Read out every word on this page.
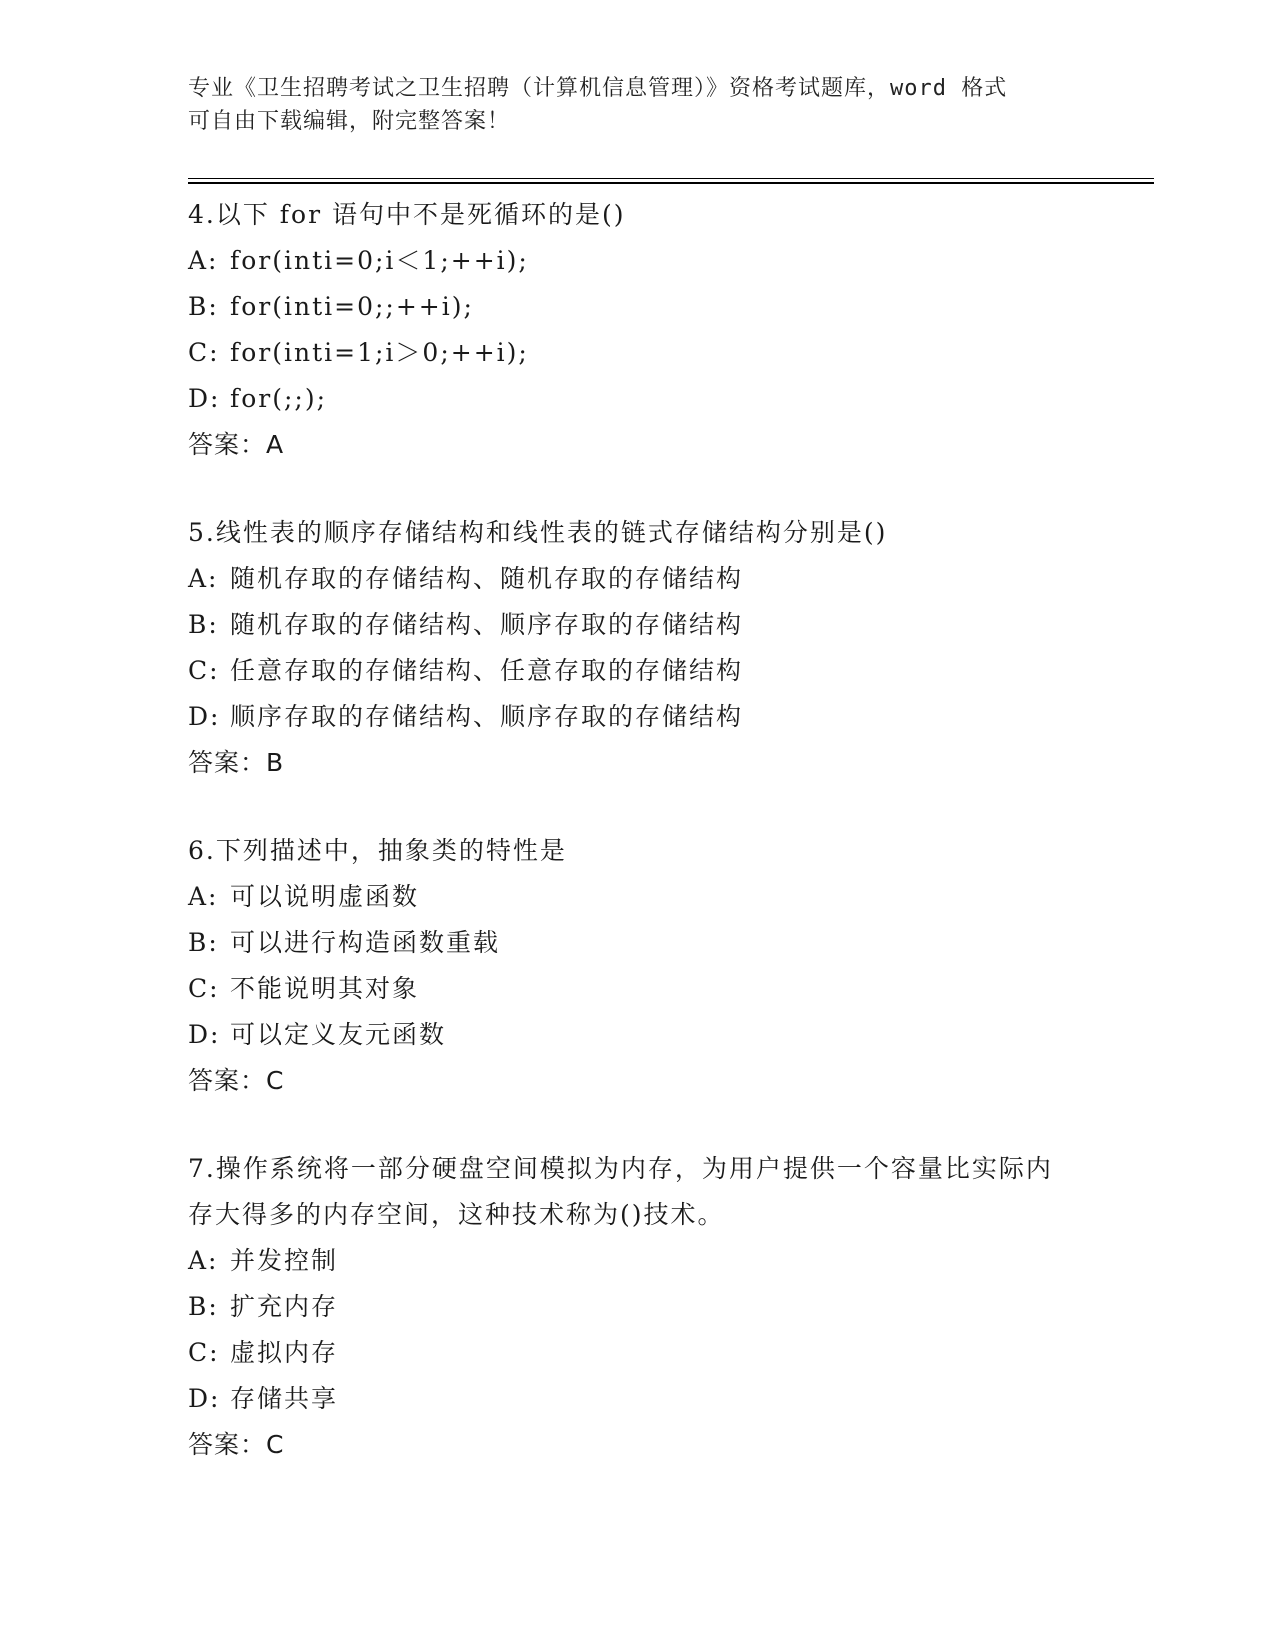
专业《卫生招聘考试之卫生招聘（计算机信息管理）》资格考试题库，word 格式
可自由下载编辑，附完整答案！
4.以下 for 语句中不是死循环的是()
A: for(inti=0;i＜1;++i);
B: for(inti=0;;++i);
C: for(inti=1;i＞0;++i);
D: for(;;);
答案：A
5.线性表的顺序存储结构和线性表的链式存储结构分别是()
A: 随机存取的存储结构、随机存取的存储结构
B: 随机存取的存储结构、顺序存取的存储结构
C: 任意存取的存储结构、任意存取的存储结构
D: 顺序存取的存储结构、顺序存取的存储结构
答案：B
6.下列描述中，抽象类的特性是
A: 可以说明虚函数
B: 可以进行构造函数重载
C: 不能说明其对象
D: 可以定义友元函数
答案：C
7.操作系统将一部分硬盘空间模拟为内存，为用户提供一个容量比实际内存大得多的内存空间，这种技术称为()技术。
A: 并发控制
B: 扩充内存
C: 虚拟内存
D: 存储共享
答案：C
